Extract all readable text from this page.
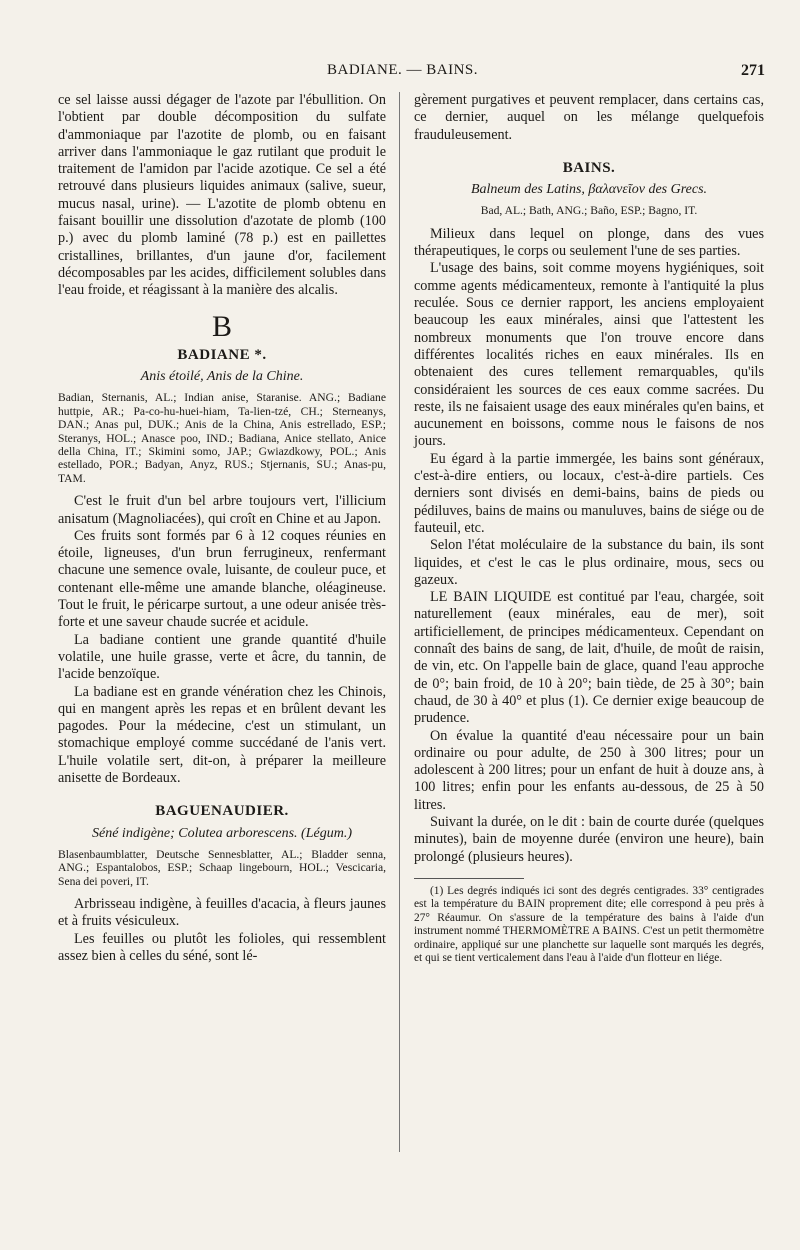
BADIANE. — BAINS.	271

ce sel laisse aussi dégager de l'azote par l'ébullition. On l'obtient par double décomposition du sulfate d'ammoniaque par l'azotite de plomb, ou en faisant arriver dans l'ammoniaque le gaz rutilant que produit le traitement de l'amidon par l'acide azotique. Ce sel a été retrouvé dans plusieurs liquides animaux (salive, sueur, mucus nasal, urine). — L'azotite de plomb obtenu en faisant bouillir une dissolution d'azotate de plomb (100 p.) avec du plomb laminé (78 p.) est en paillettes cristallines, brillantes, d'un jaune d'or, facilement décomposables par les acides, difficilement solubles dans l'eau froide, et réagissant à la manière des alcalis.

B
BADIANE *.
Anis étoilé, Anis de la Chine.
Badian, Sternanis, AL.; Indian anise, Staranise. ANG.; Badiane huttpie, AR.; Pa-co-hu-huei-hiam, Ta-lien-tzé, CH.; Sterneanys, DAN.; Anas pul, DUK.; Anis de la China, Anis estrellado, ESP.; Steranys, HOL.; Anasce poo, IND.; Badiana, Anice stellato, Anice della China, IT.; Skimini somo, JAP.; Gwiazdkowy, POL.; Anis estellado, POR.; Badyan, Anyz, RUS.; Stjernanis, SU.; Anas-pu, TAM.

C'est le fruit d'un bel arbre toujours vert, l'illicium anisatum (Magnoliacées), qui croît en Chine et au Japon.

Ces fruits sont formés par 6 à 12 coques réunies en étoile, ligneuses, d'un brun ferrugineux, renfermant chacune une semence ovale, luisante, de couleur puce, et contenant elle-même une amande blanche, oléagineuse. Tout le fruit, le péricarpe surtout, a une odeur anisée très-forte et une saveur chaude sucrée et acidule.

La badiane contient une grande quantité d'huile volatile, une huile grasse, verte et âcre, du tannin, de l'acide benzoïque.

La badiane est en grande vénération chez les Chinois, qui en mangent après les repas et en brûlent devant les pagodes. Pour la médecine, c'est un stimulant, un stomachique employé comme succédané de l'anis vert. L'huile volatile sert, dit-on, à préparer la meilleure anisette de Bordeaux.

BAGUENAUDIER.
Séné indigène; Colutea arborescens. (Légum.)
Blasenbaumblatter, Deutsche Sennesblatter, AL.; Bladder senna, ANG.; Espantalobos, ESP.; Schaap lingebourn, HOL.; Vescicaria, Sena dei poveri, IT.

Arbrisseau indigène, à feuilles d'acacia, à fleurs jaunes et à fruits vésiculeux.

Les feuilles ou plutôt les folioles, qui ressemblent assez bien à celles du séné, sont lé-

gèrement purgatives et peuvent remplacer, dans certains cas, ce dernier, auquel on les mélange quelquefois frauduleusement.

BAINS.
Balneum des Latins, βαλανεῖον des Grecs.
Bad, AL.; Bath, ANG.; Baño, ESP.; Bagno, IT.

Milieux dans lequel on plonge, dans des vues thérapeutiques, le corps ou seulement l'une de ses parties.

L'usage des bains, soit comme moyens hygiéniques, soit comme agents médicamenteux, remonte à l'antiquité la plus reculée. Sous ce dernier rapport, les anciens employaient beaucoup les eaux minérales, ainsi que l'attestent les nombreux monuments que l'on trouve encore dans différentes localités riches en eaux minérales. Ils en obtenaient des cures tellement remarquables, qu'ils considéraient les sources de ces eaux comme sacrées. Du reste, ils ne faisaient usage des eaux minérales qu'en bains, et aucunement en boissons, comme nous le faisons de nos jours.

Eu égard à la partie immergée, les bains sont généraux, c'est-à-dire entiers, ou locaux, c'est-à-dire partiels. Ces derniers sont divisés en demi-bains, bains de pieds ou pédiluves, bains de mains ou manuluves, bains de siége ou de fauteuil, etc.

Selon l'état moléculaire de la substance du bain, ils sont liquides, et c'est le cas le plus ordinaire, mous, secs ou gazeux.

LE BAIN LIQUIDE est contitué par l'eau, chargée, soit naturellement (eaux minérales, eau de mer), soit artificiellement, de principes médicamenteux. Cependant on connaît des bains de sang, de lait, d'huile, de moût de raisin, de vin, etc. On l'appelle bain de glace, quand l'eau approche de 0°; bain froid, de 10 à 20°; bain tiède, de 25 à 30°; bain chaud, de 30 à 40° et plus (1). Ce dernier exige beaucoup de prudence.

On évalue la quantité d'eau nécessaire pour un bain ordinaire ou pour adulte, de 250 à 300 litres; pour un adolescent à 200 litres; pour un enfant de huit à douze ans, à 100 litres; enfin pour les enfants au-dessous, de 25 à 50 litres.

Suivant la durée, on le dit : bain de courte durée (quelques minutes), bain de moyenne durée (environ une heure), bain prolongé (plusieurs heures).

(1) Les degrés indiqués ici sont des degrés centigrades. 33° centigrades est la température du BAIN proprement dite; elle correspond à peu près à 27° Réaumur. On s'assure de la température des bains à l'aide d'un instrument nommé THERMOMÈTRE A BAINS. C'est un petit thermomètre ordinaire, appliqué sur une planchette sur laquelle sont marqués les degrés, et qui se tient verticalement dans l'eau à l'aide d'un flotteur en liége.
